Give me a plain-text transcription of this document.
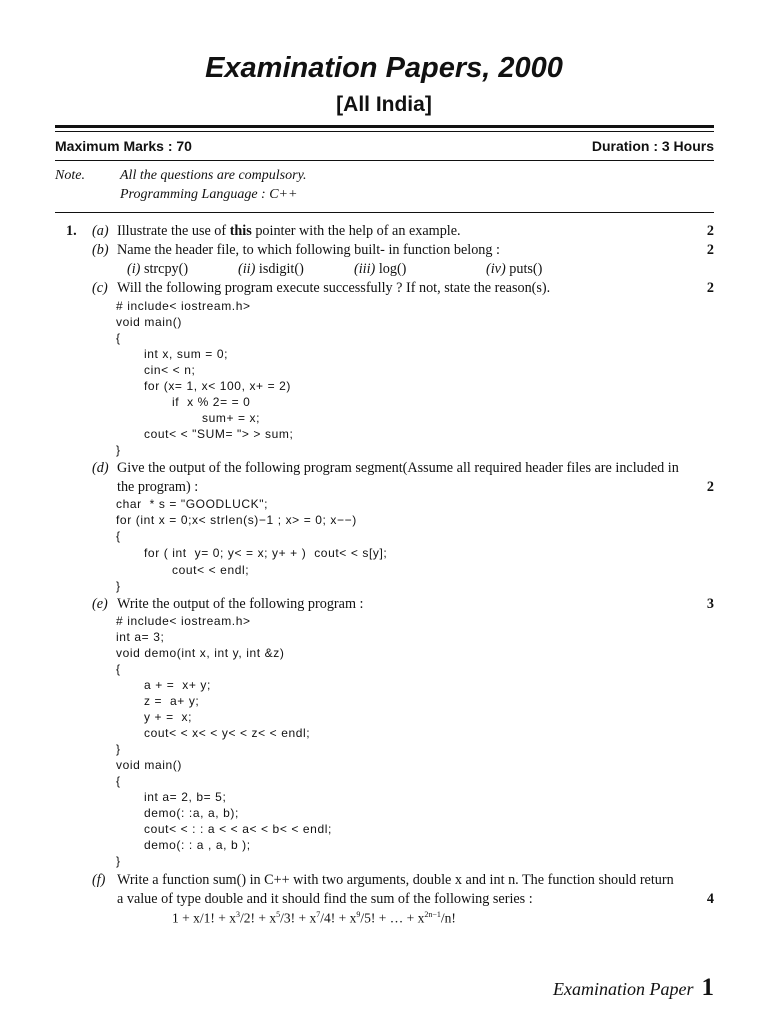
Examination Papers, 2000
[All India]
Maximum Marks : 70	Duration : 3 Hours
Note.	All the questions are compulsory.
Programming Language : C++
1. (a) Illustrate the use of this pointer with the help of an example.	2
(b) Name the header file, to which following built- in function belong :	2
(i) strcpy()	(ii) isdigit()	(iii) log()	(iv) puts()
(c) Will the following program execute successfully ? If not, state the reason(s).	2
# include< iostream.h>
void main()
{
int x, sum = 0;
cin< < n;
for (x= 1, x< 100, x+ = 2)
if  x % 2= = 0
sum+ = x;
cout< < "SUM= "> > sum;
}
(d) Give the output of the following program segment(Assume all required header files are included in
the program) :	2
char  * s = "GOODLUCK";
for (int x = 0;x< strlen(s)−1 ; x> = 0; x−−)
{
for ( int  y= 0; y< = x; y+ + )  cout< < s[y];
cout< < endl;
}
(e) Write the output of the following program :	3
# include< iostream.h>
int a= 3;
void demo(int x, int y, int &z)
{
a + =  x+ y;
z =  a+ y;
y + =  x;
cout< < x< < y< < z< < endl;
}
void main()
{
int a= 2, b= 5;
demo(: :a, a, b);
cout< < : : a < < a< < b< < endl;
demo(: : a , a, b );
}
(f) Write a function sum() in C++ with two arguments, double x and int n. The function should return
a value of type double and it should find the sum of the following series :	4
1 + x/1! + $x^3/2$! + $x^5/3$! + $x^7/4$! + $x^9/5$! + … + $x^{2n-1}/n$!
Examination Paper 1
